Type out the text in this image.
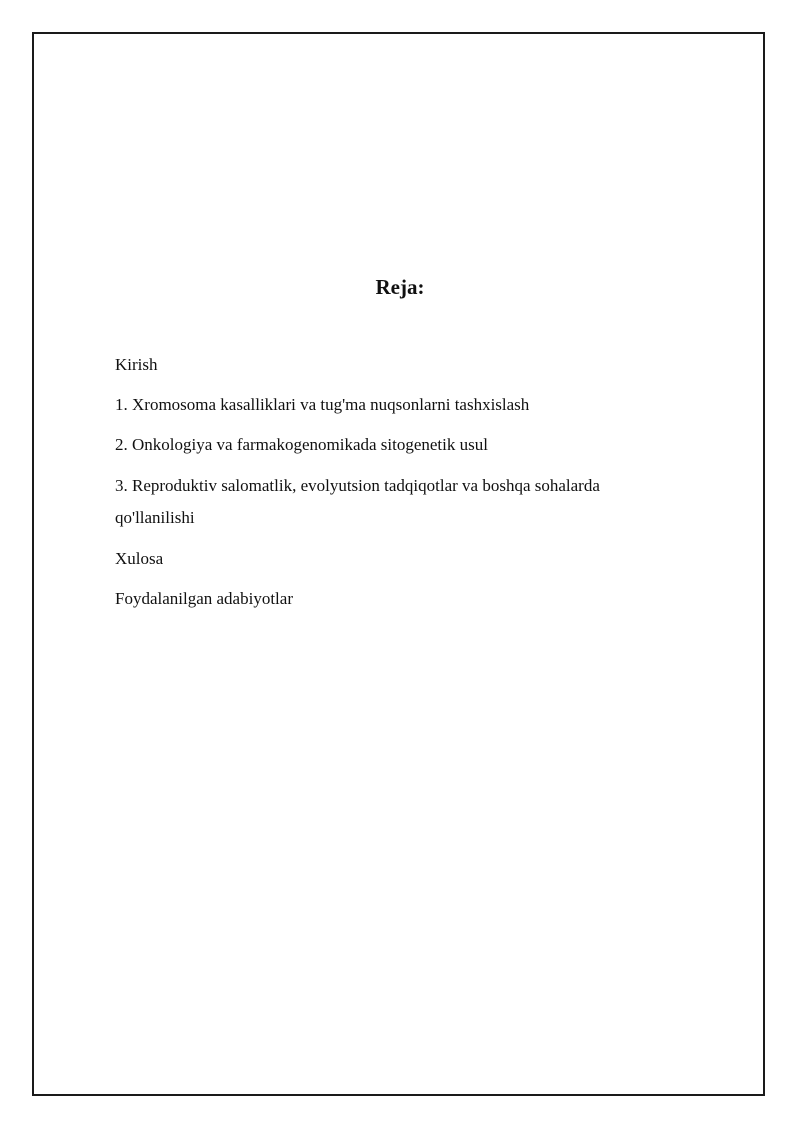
Reja:
Kirish
1. Xromosoma kasalliklari va tug'ma nuqsonlarni tashxislash
2. Onkologiya va farmakogenomikada sitogenetik usul
3. Reproduktiv salomatlik, evolyutsion tadqiqotlar va boshqa sohalarda qo'llanilishi
Xulosa
Foydalanilgan adabiyotlar
